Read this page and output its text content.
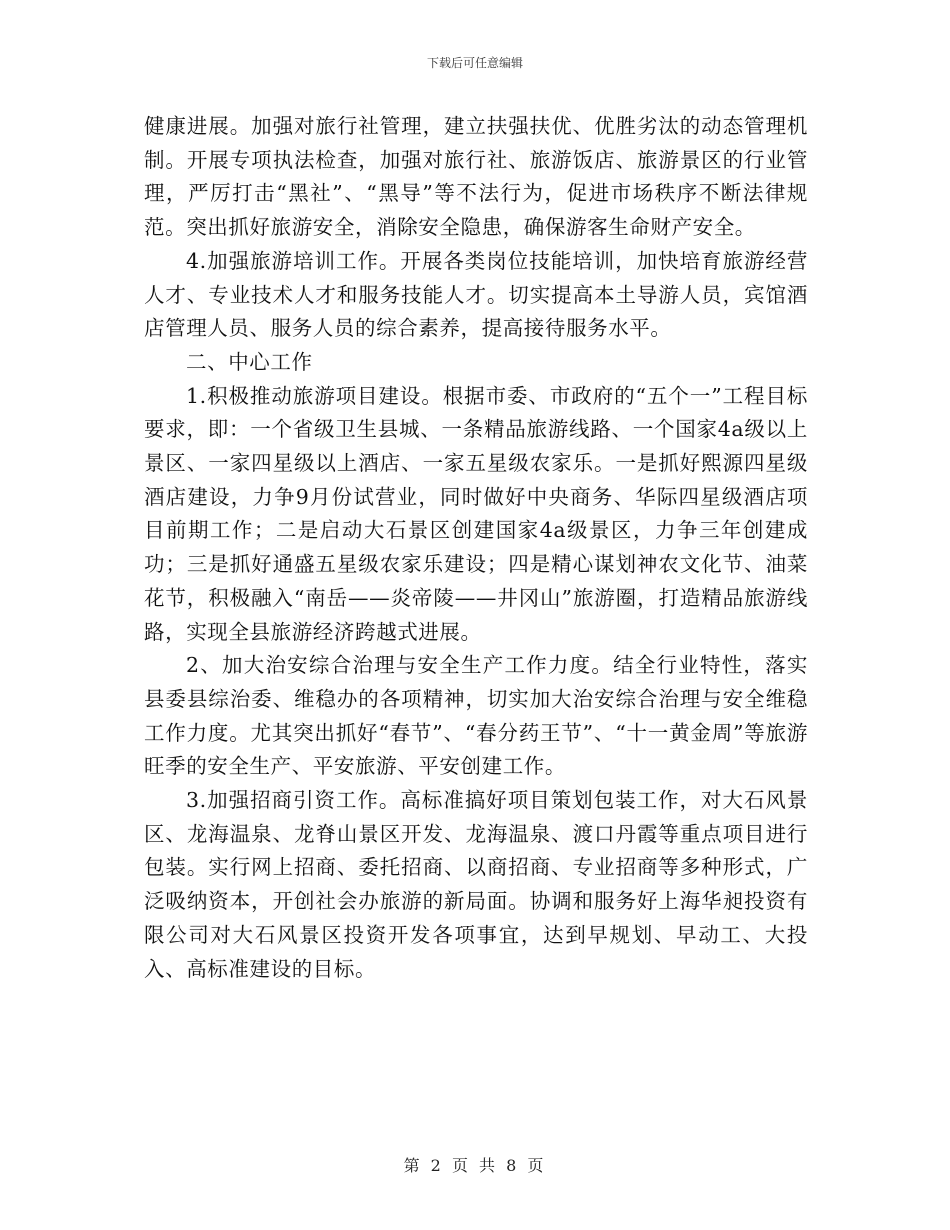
下载后可任意编辑

健康进展。加强对旅行社管理，建立扶强扶优、优胜劣汰的动态管理机制。开展专项执法检查，加强对旅行社、旅游饭店、旅游景区的行业管理，严厉打击“黑社”、“黑导”等不法行为，促进市场秩序不断法律规范。突出抓好旅游安全，消除安全隐患，确保游客生命财产安全。

4.加强旅游培训工作。开展各类岗位技能培训，加快培育旅游经营人才、专业技术人才和服务技能人才。切实提高本土导游人员，宾馆酒店管理人员、服务人员的综合素养，提高接待服务水平。

二、中心工作

1.积极推动旅游项目建设。根据市委、市政府的“五个一”工程目标要求，即：一个省级卫生县城、一条精品旅游线路、一个国家4a级以上景区、一家四星级以上酒店、一家五星级农家乐。一是抓好熙源四星级酒店建设，力争9月份试营业，同时做好中央商务、华际四星级酒店项目前期工作；二是启动大石景区创建国家4a级景区，力争三年创建成功；三是抓好通盛五星级农家乐建设；四是精心谋划神农文化节、油菜花节，积极融入“南岳——炎帝陵——井冈山”旅游圈，打造精品旅游线路，实现全县旅游经济跨越式进展。

2、加大治安综合治理与安全生产工作力度。结全行业特性，落实县委县综治委、维稳办的各项精神，切实加大治安综合治理与安全维稳工作力度。尤其突出抓好“春节”、“春分药王节”、“十一黄金周”等旅游旺季的安全生产、平安旅游、平安创建工作。

3.加强招商引资工作。高标准搞好项目策划包装工作，对大石风景区、龙海温泉、龙脊山景区开发、龙海温泉、渡口丹霞等重点项目进行包装。实行网上招商、委托招商、以商招商、专业招商等多种形式，广泛吸纳资本，开创社会办旅游的新局面。协调和服务好上海华昶投资有限公司对大石风景区投资开发各项事宜，达到早规划、早动工、大投入、高标准建设的目标。

第 2 页 共 8 页
